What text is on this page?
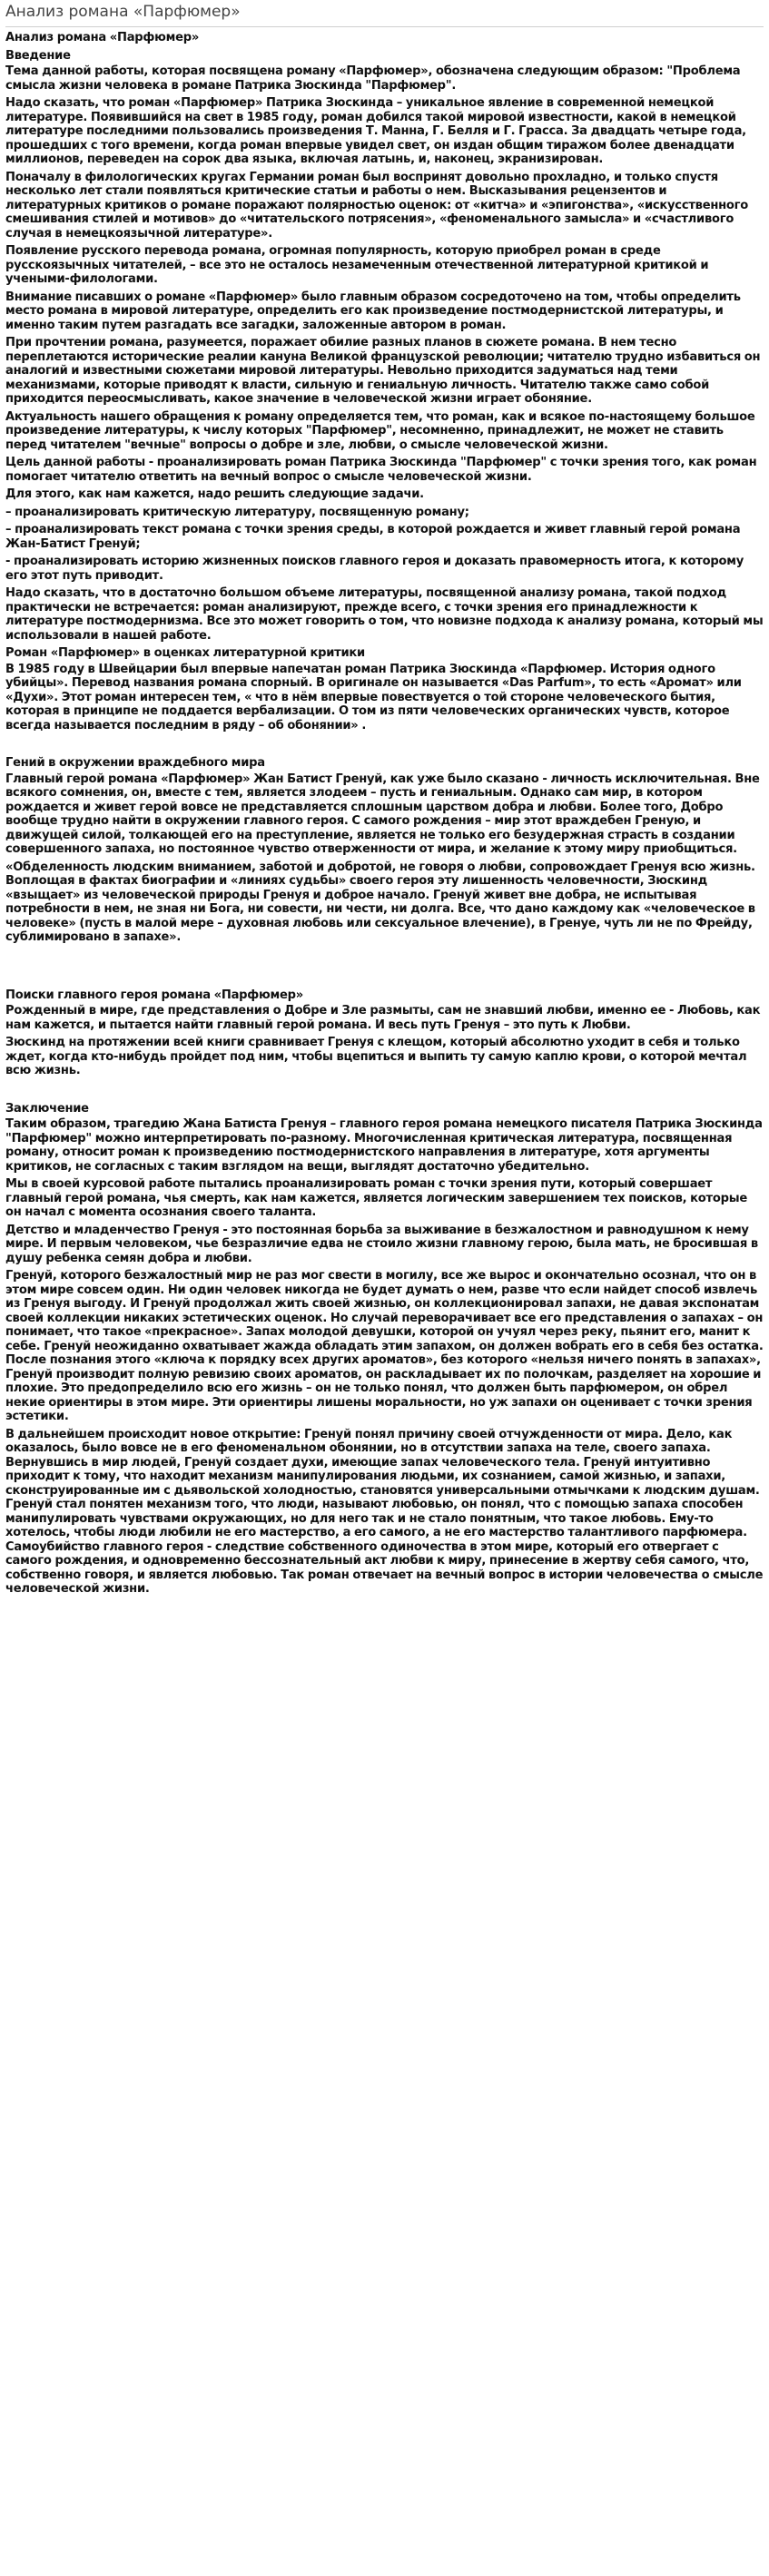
Анализ романа «Парфюмер»

Анализ романа «Парфюмер»

Введение

Тема данной работы, которая посвящена роману «Парфюмер», обозначена следующим образом: "Проблема смысла жизни человека в романе Патрика Зюскинда "Парфюмер".

Надо сказать, что роман «Парфюмер» Патрика Зюскинда – уникальное явление в современной немецкой литературе. Появившийся на свет в 1985 году, роман добился такой мировой известности, какой в немецкой литературе последними пользовались произведения Т. Манна, Г. Белля и Г. Грасса. За двадцать четыре года, прошедших с того времени, когда роман впервые увидел свет, он издан общим тиражом более двенадцати миллионов, переведен на сорок два языка, включая латынь, и, наконец, экранизирован.

Поначалу в филологических кругах Германии роман был воспринят довольно прохладно, и только спустя несколько лет стали появляться критические статьи и работы о нем. Высказывания рецензентов и литературных критиков о романе поражают полярностью оценок: от «китча» и «эпигонства», «искусственного смешивания стилей и мотивов» до «читательского потрясения», «феноменального замысла» и «счастливого случая в немецкоязычной литературе».

Появление русского перевода романа, огромная популярность, которую приобрел роман в среде русскоязычных читателей, – все это не осталось незамеченным отечественной литературной критикой и учеными-филологами.

Внимание писавших о романе «Парфюмер» было главным образом сосредоточено на том, чтобы определить место романа в мировой литературе, определить его как произведение постмодернистской литературы, и именно таким путем разгадать все загадки, заложенные автором в роман.

При прочтении романа, разумеется, поражает обилие разных планов в сюжете романа. В нем тесно переплетаются исторические реалии кануна Великой французской революции; читателю трудно избавиться он аналогий и известными сюжетами мировой литературы. Невольно приходится задуматься над теми механизмами, которые приводят к власти, сильную и гениальную личность. Читателю также само собой приходится переосмысливать, какое значение в человеческой жизни играет обоняние.

Актуальность нашего обращения к роману определяется тем, что роман, как и всякое по-настоящему большое произведение литературы, к числу которых "Парфюмер", несомненно, принадлежит, не может не ставить перед читателем "вечные" вопросы о добре и зле, любви, о смысле человеческой жизни.

Цель данной работы - проанализировать роман Патрика Зюскинда "Парфюмер" с точки зрения того, как роман помогает читателю ответить на вечный вопрос о смысле человеческой жизни.

Для этого, как нам кажется, надо решить следующие задачи.

– проанализировать критическую литературу, посвященную роману;

– проанализировать текст романа с точки зрения среды, в которой рождается и живет главный герой романа Жан-Батист Гренуй;

- проанализировать историю жизненных поисков главного героя и доказать правомерность итога, к которому его этот путь приводит.

Надо сказать, что в достаточно большом объеме литературы, посвященной анализу романа, такой подход практически не встречается: роман анализируют, прежде всего, с точки зрения его принадлежности к литературе постмодернизма. Все это может говорить о том, что новизне подхода к анализу романа, который мы использовали в нашей работе.

Роман «Парфюмер» в оценках литературной критики

В 1985 году в Швейцарии был впервые напечатан роман Патрика Зюскинда «Парфюмер. История одного убийцы». Перевод названия романа спорный. В оригинале он называется «Das Parfum», то есть «Аромат» или «Духи». Этот роман интересен тем, « что в нём впервые повествуется о той стороне человеческого бытия, которая в принципе не поддается вербализации. О том из пяти человеческих органических чувств, которое всегда называется последним в ряду – об обонянии» .

Гений в окружении враждебного мира

Главный герой романа «Парфюмер» Жан Батист Гренуй, как уже было сказано - личность исключительная. Вне всякого сомнения, он, вместе с тем, является злодеем – пусть и гениальным. Однако сам мир, в котором рождается и живет герой вовсе не представляется сплошным царством добра и любви. Более того, Добро вообще трудно найти в окружении главного героя. С самого рождения – мир этот враждебен Греную, и движущей силой, толкающей его на преступление, является не только его безудержная страсть в создании совершенного запаха, но постоянное чувство отверженности от мира, и желание к этому миру приобщиться.

«Обделенность людским вниманием, заботой и добротой, не говоря о любви, сопровождает Гренуя всю жизнь. Воплощая в фактах биографии и «линиях судьбы» своего героя эту лишенность человечности, Зюскинд «взыщает» из человеческой природы Гренуя и доброе начало. Гренуй живет вне добра, не испытывая потребности в нем, не зная ни Бога, ни совести, ни чести, ни долга. Все, что дано каждому как «человеческое в человеке» (пусть в малой мере – духовная любовь или сексуальное влечение), в Гренуе, чуть ли не по Фрейду, сублимировано в запахе».

Поиски главного героя романа «Парфюмер»

Рожденный в мире, где представления о Добре и Зле размыты, сам не знавший любви, именно ее - Любовь, как нам кажется, и пытается найти главный герой романа. И весь путь Гренуя – это путь к Любви.

Зюскинд на протяжении всей книги сравнивает Гренуя с клещом, который абсолютно уходит в себя и только ждет, когда кто-нибудь пройдет под ним, чтобы вцепиться и выпить ту самую каплю крови, о которой мечтал всю жизнь.

Заключение

Таким образом, трагедию Жана Батиста Гренуя – главного героя романа немецкого писателя Патрика Зюскинда "Парфюмер" можно интерпретировать по-разному. Многочисленная критическая литература, посвященная роману, относит роман к произведению постмодернистского направления в литературе, хотя аргументы критиков, не согласных с таким взглядом на вещи, выглядят достаточно убедительно.

Мы в своей курсовой работе пытались проанализировать роман с точки зрения пути, который совершает главный герой романа, чья смерть, как нам кажется, является логическим завершением тех поисков, которые он начал с момента осознания своего таланта.

Детство и младенчество Гренуя - это постоянная борьба за выживание в безжалостном и равнодушном к нему мире. И первым человеком, чье безразличие едва не стоило жизни главному герою, была мать, не бросившая в душу ребенка семян добра и любви.

Гренуй, которого безжалостный мир не раз мог свести в могилу, все же вырос и окончательно осознал, что он в этом мире совсем один. Ни один человек никогда не будет думать о нем, разве что если найдет способ извлечь из Гренуя выгоду. И Гренуй продолжал жить своей жизнью, он коллекционировал запахи, не давая экспонатам своей коллекции никаких эстетических оценок. Но случай переворачивает все его представления о запахах – он понимает, что такое «прекрасное». Запах молодой девушки, которой он учуял через реку, пьянит его, манит к себе. Гренуй неожиданно охватывает жажда обладать этим запахом, он должен вобрать его в себя без остатка. После познания этого «ключа к порядку всех других ароматов», без которого «нельзя ничего понять в запахах», Гренуй производит полную ревизию своих ароматов, он раскладывает их по полочкам, разделяет на хорошие и плохие. Это предопределило всю его жизнь – он не только понял, что должен быть парфюмером, он обрел некие ориентиры в этом мире. Эти ориентиры лишены моральности, но уж запахи он оценивает с точки зрения эстетики.

В дальнейшем происходит новое открытие: Гренуй понял причину своей отчужденности от мира. Дело, как оказалось, было вовсе не в его феноменальном обонянии, но в отсутствии запаха на теле, своего запаха. Вернувшись в мир людей, Гренуй создает духи, имеющие запах человеческого тела. Гренуй интуитивно приходит к тому, что находит механизм манипулирования людьми, их сознанием, самой жизнью, и запахи, сконструированные им с дьявольской холодностью, становятся универсальными отмычками к людским душам. Гренуй стал понятен механизм того, что люди, называют любовью, он понял, что с помощью запаха способен манипулировать чувствами окружающих, но для него так и не стало понятным, что такое любовь. Ему-то хотелось, чтобы люди любили не его мастерство, а его самого, а не его мастерство талантливого парфюмера. Самоубийство главного героя - следствие собственного одиночества в этом мире, который его отвергает с самого рождения, и одновременно бессознательный акт любви к миру, принесение в жертву себя самого, что, собственно говоря, и является любовью. Так роман отвечает на вечный вопрос в истории человечества о смысле человеческой жизни.
